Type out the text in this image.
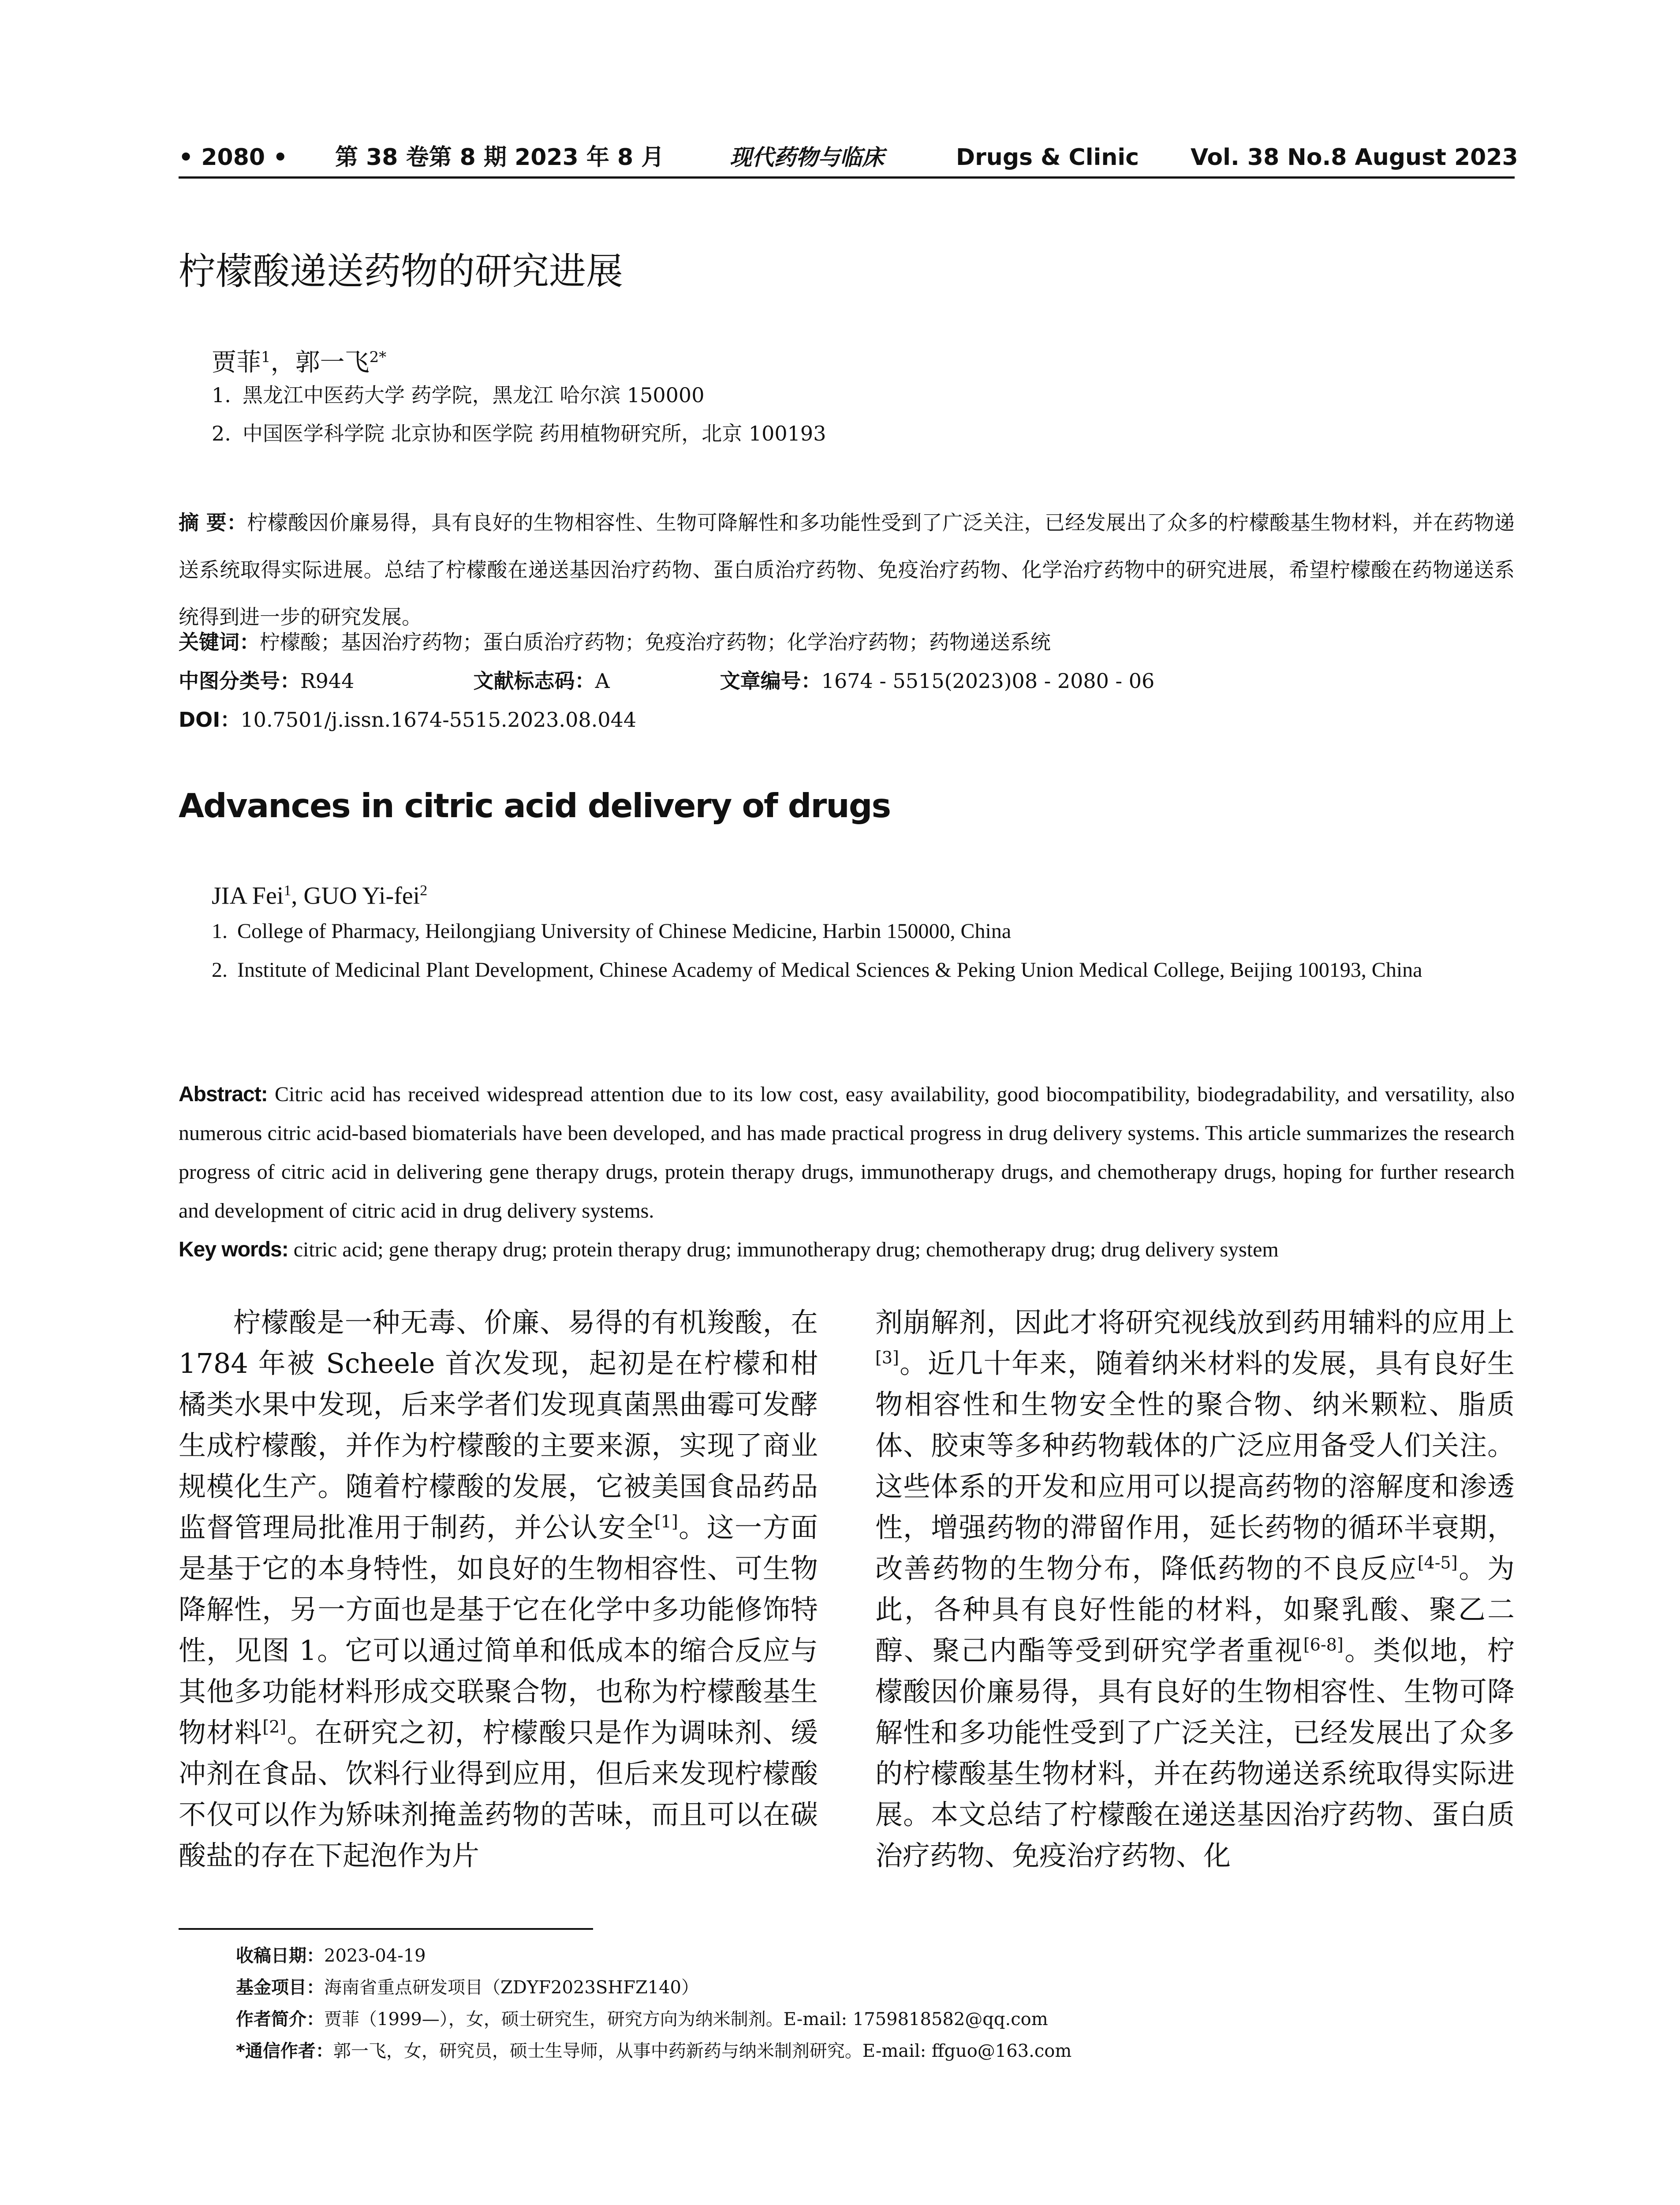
• 2080 • 第 38 卷第 8 期 2023 年 8 月	现代药物与临床	Drugs & Clinic Vol. 38 No.8 August 2023
柠檬酸递送药物的研究进展
贾菲$^1$，郭一飞$^{2*}$
1. 黑龙江中医药大学 药学院，黑龙江 哈尔滨 150000
2. 中国医学科学院 北京协和医学院 药用植物研究所，北京 100193
摘 要：柠檬酸因价廉易得，具有良好的生物相容性、生物可降解性和多功能性受到了广泛关注，已经发展出了众多的柠檬酸基生物材料，并在药物递送系统取得实际进展。总结了柠檬酸在递送基因治疗药物、蛋白质治疗药物、免疫治疗药物、化学治疗药物中的研究进展，希望柠檬酸在药物递送系统得到进一步的研究发展。
关键词：柠檬酸；基因治疗药物；蛋白质治疗药物；免疫治疗药物；化学治疗药物；药物递送系统
中图分类号：R944	文献标志码：A	文章编号：1674 - 5515(2023)08 - 2080 - 06
DOI：10.7501/j.issn.1674-5515.2023.08.044
Advances in citric acid delivery of drugs
JIA Fei$^1$, GUO Yi-fei$^2$
1. College of Pharmacy, Heilongjiang University of Chinese Medicine, Harbin 150000, China
2. Institute of Medicinal Plant Development, Chinese Academy of Medical Sciences & Peking Union Medical College, Beijing 100193, China
Abstract: Citric acid has received widespread attention due to its low cost, easy availability, good biocompatibility, biodegradability, and versatility, also numerous citric acid-based biomaterials have been developed, and has made practical progress in drug delivery systems. This article summarizes the research progress of citric acid in delivering gene therapy drugs, protein therapy drugs, immunotherapy drugs, and chemotherapy drugs, hoping for further research and development of citric acid in drug delivery systems.
Key words: citric acid; gene therapy drug; protein therapy drug; immunotherapy drug; chemotherapy drug; drug delivery system

柠檬酸是一种无毒、价廉、易得的有机羧酸，在 1784 年被 Scheele 首次发现，起初是在柠檬和柑橘类水果中发现，后来学者们发现真菌黑曲霉可发酵生成柠檬酸，并作为柠檬酸的主要来源，实现了商业规模化生产。随着柠檬酸的发展，它被美国食品药品监督管理局批准用于制药，并公认安全[1]。这一方面是基于它的本身特性，如良好的生物相容性、可生物降解性，另一方面也是基于它在化学中多功能修饰特性，见图 1。它可以通过简单和低成本的缩合反应与其他多功能材料形成交联聚合物，也称为柠檬酸基生物材料[2]。在研究之初，柠檬酸只是作为调味剂、缓冲剂在食品、饮料行业得到应用，但后来发现柠檬酸不仅可以作为矫味剂掩盖药物的苦味，而且可以在碳酸盐的存在下起泡作为片

剂崩解剂，因此才将研究视线放到药用辅料的应用上[3]。近几十年来，随着纳米材料的发展，具有良好生物相容性和生物安全性的聚合物、纳米颗粒、脂质体、胶束等多种药物载体的广泛应用备受人们关注。这些体系的开发和应用可以提高药物的溶解度和渗透性，增强药物的滞留作用，延长药物的循环半衰期，改善药物的生物分布，降低药物的不良反应[4-5]。为此，各种具有良好性能的材料，如聚乳酸、聚乙二醇、聚己内酯等受到研究学者重视[6-8]。类似地，柠檬酸因价廉易得，具有良好的生物相容性、生物可降解性和多功能性受到了广泛关注，已经发展出了众多的柠檬酸基生物材料，并在药物递送系统取得实际进展。本文总结了柠檬酸在递送基因治疗药物、蛋白质治疗药物、免疫治疗药物、化

收稿日期：2023-04-19
基金项目：海南省重点研发项目（ZDYF2023SHFZ140）
作者简介：贾菲（1999—），女，硕士研究生，研究方向为纳米制剂。E-mail: 1759818582@qq.com
*通信作者：郭一飞，女，研究员，硕士生导师，从事中药新药与纳米制剂研究。E-mail: ffguo@163.com
